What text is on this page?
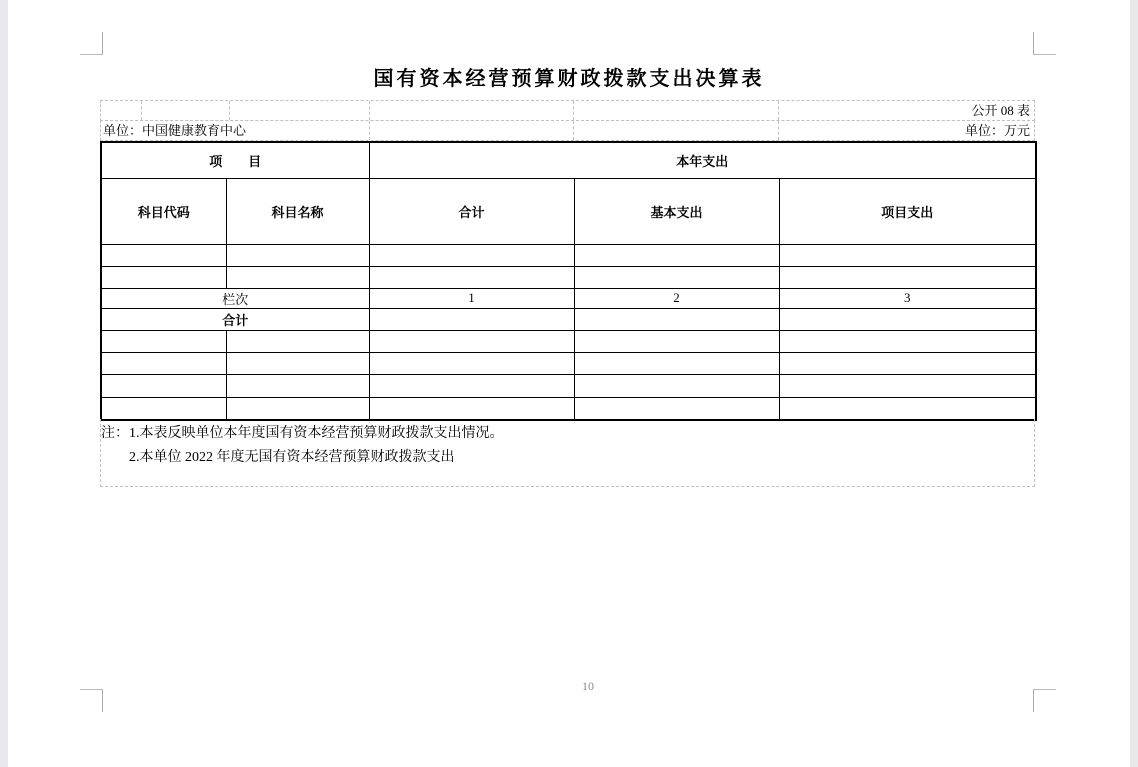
国有资本经营预算财政拨款支出决算表
公开 08 表
单位：中国健康教育中心	单位：万元
项　　目		本年支出		
科目代码	科目名称	合计	基本支出	项目支出

栏次		1	2	3
合计				

注：1.本表反映单位本年度国有资本经营预算财政拨款支出情况。

2.本单位 2022 年度无国有资本经营预算财政拨款支出

10
